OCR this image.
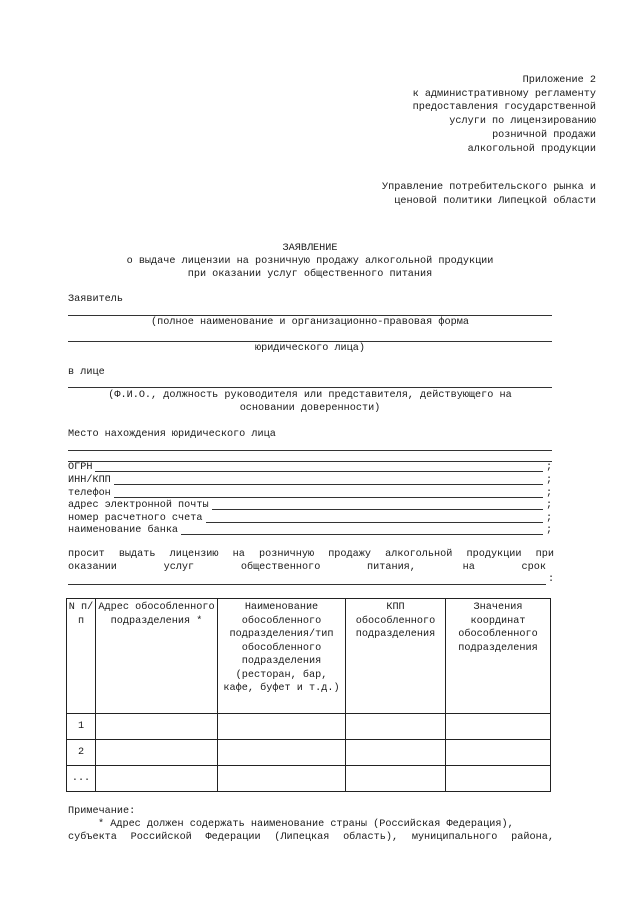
Приложение 2
к административному регламенту
предоставления государственной
услуги по лицензированию
розничной продажи
алкогольной продукции
Управление потребительского рынка и
ценовой политики Липецкой области
ЗАЯВЛЕНИЕ
о выдаче лицензии на розничную продажу алкогольной продукции
при оказании услуг общественного питания
Заявитель
(полное наименование и организационно-правовая форма
юридического лица)
в лице
(Ф.И.О., должность руководителя или представителя, действующего на
основании доверенности)
Место нахождения юридического лица
ОГРН	;
ИНН/КПП	;
телефон	;
адрес электронной почты	;
номер расчетного счета	;
наименование банка	;
просит выдать лицензию на розничную продажу алкогольной продукции при
оказании	услуг	общественного	питания,	на	срок
:
N п/п	Адрес обособленного подразделения *	Наименование обособленного подразделения/тип обособленного подразделения (ресторан, бар, кафе, буфет и т.д.)	КПП обособленного подразделения	Значения координат обособленного подразделения
1				
2				
...				
Примечание:
* Адрес должен содержать наименование страны (Российская Федерация),
субъекта Российской Федерации (Липецкая область), муниципального района,
